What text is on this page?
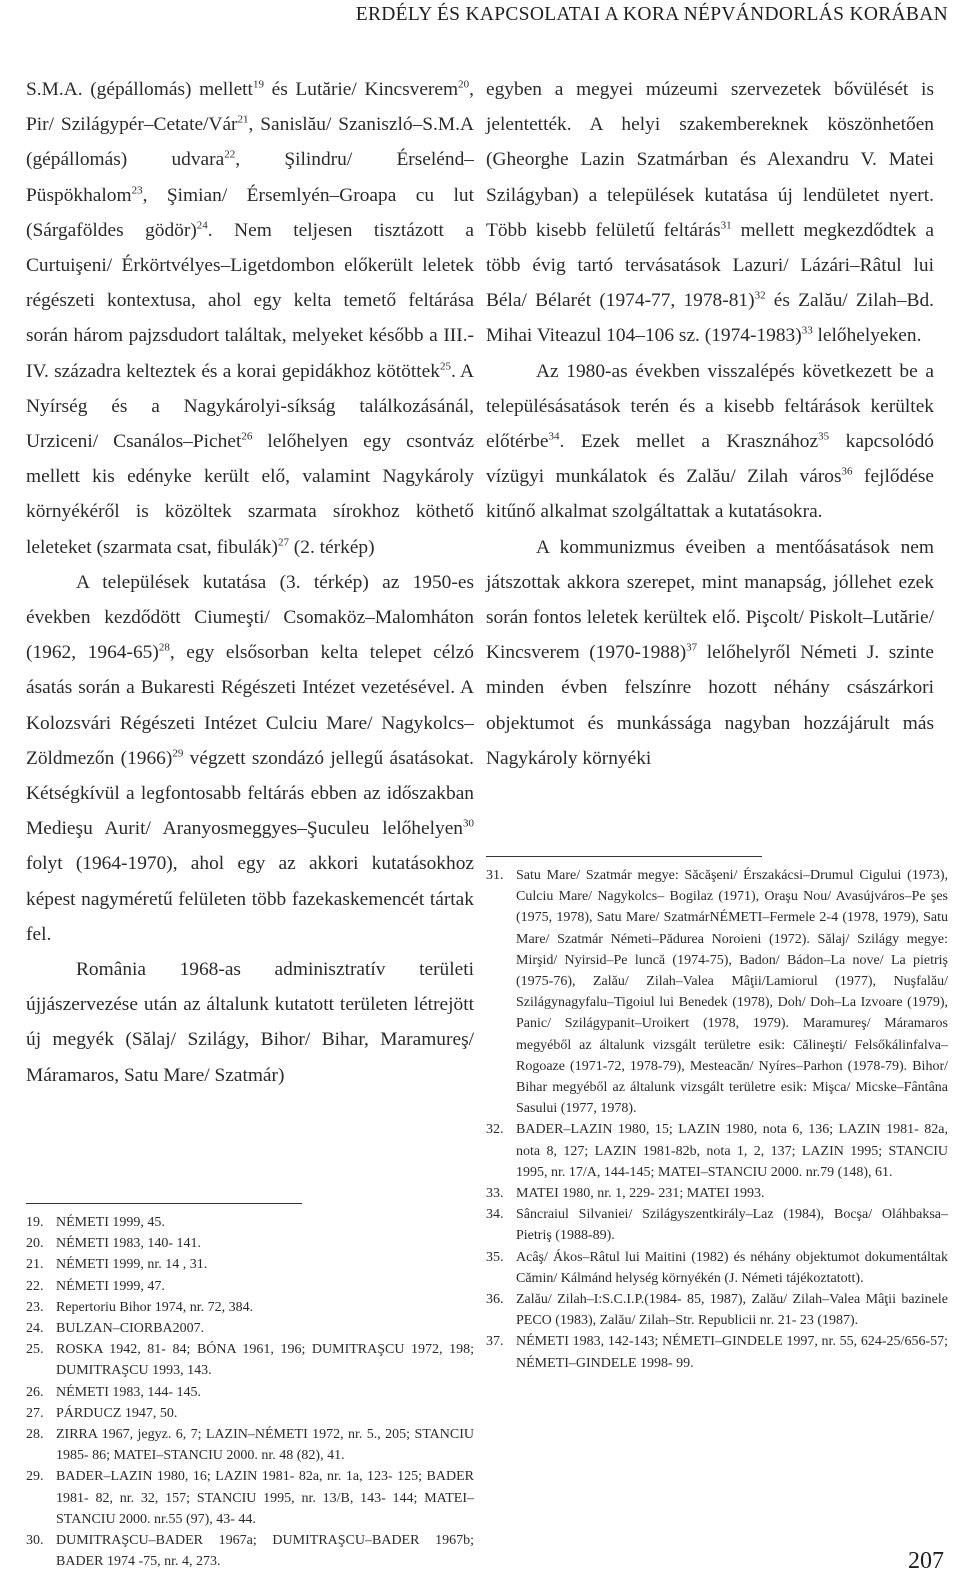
ERDÉLY ÉS KAPCSOLATAI A KORA NÉPVÁNDORLÁS KORÁBAN

S.M.A. (gépállomás) mellett$^{19}$ és Lutărie/ Kincsverem$^{20}$, Pir/ Szilágypér–Cetate/Vár$^{21}$, Sanislău/ Szaniszló–S.M.A (gépállomás) udvara$^{22}$, Şilindru/ Érselénd–Püspökhalom$^{23}$, Şimian/ Érsemlyén–Groapa cu lut (Sárgaföldes gödör)$^{24}$. Nem teljesen tisztázott a Curtuişeni/ Érkörtvélyes–Ligetdombon előkerült leletek régészeti kontextusa, ahol egy kelta temető feltárása során három pajzsdudort találtak, melyeket később a III.-IV. századra kelteztek és a korai gepidákhoz kötöttek$^{25}$. A Nyírség és a Nagykárolyi-síkság találkozásánál, Urziceni/ Csanálos–Pichet$^{26}$ lelőhelyen egy csontváz mellett kis edényke került elő, valamint Nagykároly környékéről is közöltek szarmata sírokhoz köthető leleteket (szarmata csat, fibulák)$^{27}$ (2. térkép)

A települések kutatása (3. térkép) az 1950-es években kezdődött Ciumeşti/ Csomaköz–Malomháton (1962, 1964-65)$^{28}$, egy elsősorban kelta telepet célzó ásatás során a Bukaresti Régészeti Intézet vezetésével. A Kolozsvári Régészeti Intézet Culciu Mare/ Nagykolcs–Zöldmezőn $(1966)^{29}$ végzett szondázó jellegű ásatásokat. Kétségkívül a legfontosabb feltárás ebben az időszakban Medieşu Aurit/ Aranyosmeggyes–Şuculeu lelőhelyen$^{30}$ folyt (1964-1970), ahol egy az akkori kutatásokhoz képest nagyméretű felületen több fazekaskemencét tártak fel.

România 1968-as adminisztratív területi újjászervezése után az általunk kutatott területen létrejött új megyék (Sălaj/ Szilágy, Bihor/ Bihar, Maramureş/ Máramaros, Satu Mare/ Szatmár)

19. NÉMETI 1999, 45.
20. NÉMETI 1983, 140- 141.
21. NÉMETI 1999, nr. 14 , 31.
22. NÉMETI 1999, 47.
23. Repertoriu Bihor 1974, nr. 72, 384.
24. BULZAN–CIORBA2007.
25. ROSKA 1942, 81- 84; BÓNA 1961, 196; DUMITRAŞCU 1972, 198; DUMITRAŞCU 1993, 143.
26. NÉMETI 1983, 144- 145.
27. PÁRDUCZ 1947, 50.
28. ZIRRA 1967, jegyz. 6, 7; LAZIN–NÉMETI 1972, nr. 5., 205; STANCIU 1985- 86; MATEI–STANCIU 2000. nr. 48 (82), 41.
29. BADER–LAZIN 1980, 16; LAZIN 1981- 82a, nr. 1a, 123- 125; BADER 1981- 82, nr. 32, 157; STANCIU 1995, nr. 13/B, 143- 144; MATEI–STANCIU 2000. nr.55 (97), 43- 44.
30. DUMITRAŞCU–BADER 1967a; DUMITRAŞCU–BADER 1967b; BADER 1974 -75, nr. 4, 273.

egyben a megyei múzeumi szervezetek bővülését is jelentették. A helyi szakembereknek köszönhetően (Gheorghe Lazin Szatmárban és Alexandru V. Matei Szilágyban) a települések kutatása új lendületet nyert. Több kisebb felületű feltárás$^{31}$ mellett megkezdődtek a több évig tartó tervásatások Lazuri/ Lázári–Râtul lui Béla/ Bélarét (1974-77, 1978-81)$^{32}$ és Zalău/ Zilah–Bd. Mihai Viteazul 104–106 sz. (1974-1983)$^{33}$ lelőhelyeken.

Az 1980-as években visszalépés következett be a településásatások terén és a kisebb feltárások kerültek előtérbe$^{34}$. Ezek mellet a Krasznához$^{35}$ kapcsolódó vízügyi munkálatok és Zalău/ Zilah város$^{36}$ fejlődése kitűnő alkalmat szolgáltattak a kutatásokra.

A kommunizmus éveiben a mentőásatások nem játszottak akkora szerepet, mint manapság, jóllehet ezek során fontos leletek kerültek elő. Pişcolt/ Piskolt–Lutărie/ Kincsverem (1970-1988)$^{37}$ lelőhelyről Németi J. szinte minden évben felszínre hozott néhány császárkori objektumot és munkássága nagyban hozzájárult más Nagykároly környéki

31. Satu Mare/ Szatmár megye: Săcăşeni/ Érszakácsi–Drumul Cigului (1973), Culciu Mare/ Nagykolcs– Bogilaz (1971), Oraşu Nou/ Avasújváros–Pe şes (1975, 1978), Satu Mare/ SzatmárNÉMETI–Fermele 2-4 (1978, 1979), Satu Mare/ Szatmár Németi–Pădurea Noroieni (1972). Sălaj/ Szilágy megye: Mirşid/ Nyirsid–Pe luncă (1974-75), Badon/ Bádon–La nove/ La pietriş (1975-76), Zalău/ Zilah–Valea Mâţii/Lamiorul (1977), Nuşfalău/ Szilágynagyfalu–Tigoiul lui Benedek (1978), Doh/ Doh–La Izvoare (1979), Panic/ Szilágypanit–Uroikert (1978, 1979). Maramureş/ Máramaros megyéből az általunk vizsgált területre esik: Călineşti/ Felsőkálinfalva–Rogoaze (1971-72, 1978-79), Mesteacăn/ Nyíres–Parhon (1978-79). Bihor/ Bihar megyéből az általunk vizsgált területre esik: Mişca/ Micske–Fântâna Sasului (1977, 1978).
32. BADER–LAZIN 1980, 15; LAZIN 1980, nota 6, 136; LAZIN 1981- 82a, nota 8, 127; LAZIN 1981-82b, nota 1, 2, 137; LAZIN 1995; STANCIU 1995, nr. 17/A, 144-145; MATEI–STANCIU 2000. nr.79 (148), 61.
33. MATEI 1980, nr. 1, 229- 231; MATEI 1993.
34. Sâncraiul Silvaniei/ Szilágyszentkirály–Laz (1984), Bocşa/ Oláhbaksa–Pietriş (1988-89).
35. Acâş/ Ákos–Râtul lui Maitini (1982) és néhány objektumot dokumentáltak Cămin/ Kálmánd helység környékén (J. Németi tájékoztatott).
36. Zalău/ Zilah–I:S.C.I.P.(1984- 85, 1987), Zalău/ Zilah–Valea Mâţii bazinele PECO (1983), Zalău/ Zilah–Str. Republicii nr. 21- 23 (1987).
37. NÉMETI 1983, 142-143; NÉMETI–GINDELE 1997, nr. 55, 624-25/656-57; NÉMETI–GINDELE 1998- 99.
207
